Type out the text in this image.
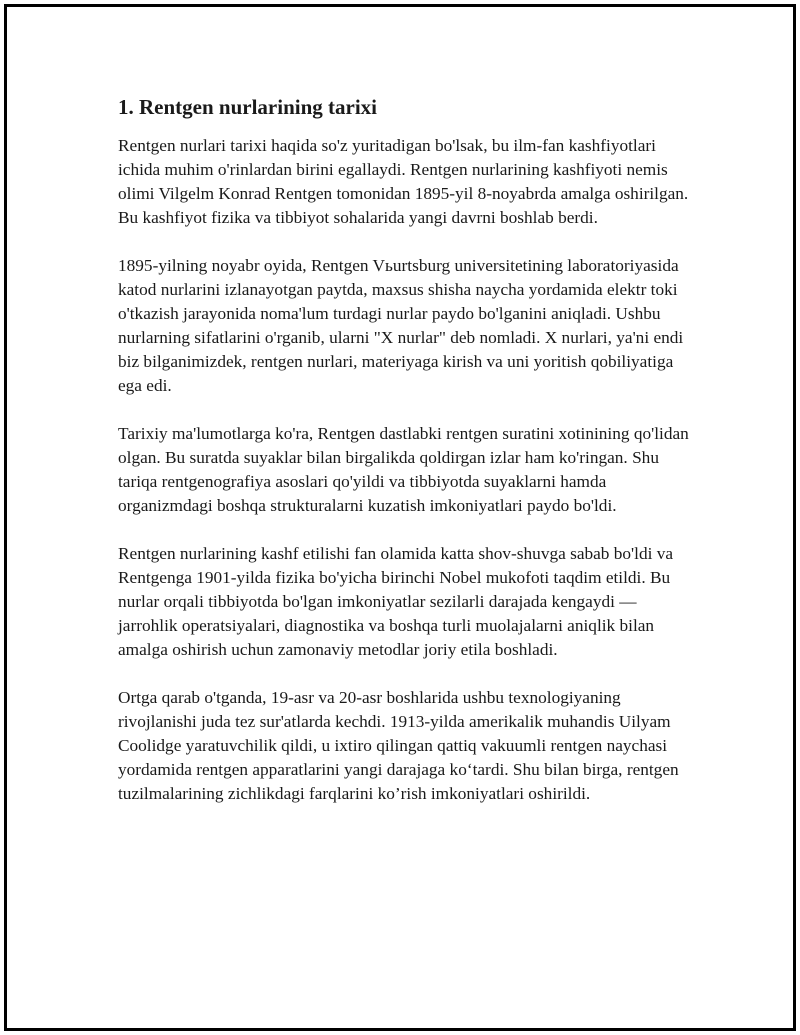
1. Rentgen nurlarining tarixi

Rentgen nurlari tarixi haqida so'z yuritadigan bo'lsak, bu ilm-fan kashfiyotlari ichida muhim o'rinlardan birini egallaydi. Rentgen nurlarining kashfiyoti nemis olimi Vilgelm Konrad Rentgen tomonidan 1895-yil 8-noyabrda amalga oshirilgan. Bu kashfiyot fizika va tibbiyot sohalarida yangi davrni boshlab berdi.

1895-yilning noyabr oyida, Rentgen Vьurtsburg universitetining laboratoriyasida katod nurlarini izlanayotgan paytda, maxsus shisha naycha yordamida elektr toki o'tkazish jarayonida noma'lum turdagi nurlar paydo bo'lganini aniqladi. Ushbu nurlarning sifatlarini o'rganib, ularni "X nurlar" deb nomladi. X nurlari, ya'ni endi biz bilganimizdek, rentgen nurlari, materiyaga kirish va uni yoritish qobiliyatiga ega edi.

Tarixiy ma'lumotlarga ko'ra, Rentgen dastlabki rentgen suratini xotinining qo'lidan olgan. Bu suratda suyaklar bilan birgalikda qoldirgan izlar ham ko'ringan. Shu tariqa rentgenografiya asoslari qo'yildi va tibbiyotda suyaklarni hamda organizmdagi boshqa strukturalarni kuzatish imkoniyatlari paydo bo'ldi.

Rentgen nurlarining kashf etilishi fan olamida katta shov-shuvga sabab bo'ldi va Rentgenga 1901-yilda fizika bo'yicha birinchi Nobel mukofoti taqdim etildi. Bu nurlar orqali tibbiyotda bo'lgan imkoniyatlar sezilarli darajada kengaydi — jarrohlik operatsiyalari, diagnostika va boshqa turli muolajalarni aniqlik bilan amalga oshirish uchun zamonaviy metodlar joriy etila boshladi.

Ortga qarab o'tganda, 19-asr va 20-asr boshlarida ushbu texnologiyaning rivojlanishi juda tez sur'atlarda kechdi. 1913-yilda amerikalik muhandis Uilyam Coolidge yaratuvchilik qildi, u ixtiro qilingan qattiq vakuumli rentgen naychasi yordamida rentgen apparatlarini yangi darajaga ko‘tardi. Shu bilan birga, rentgen tuzilmalarining zichlikdagi farqlarini ko’rish imkoniyatlari oshirildi.
